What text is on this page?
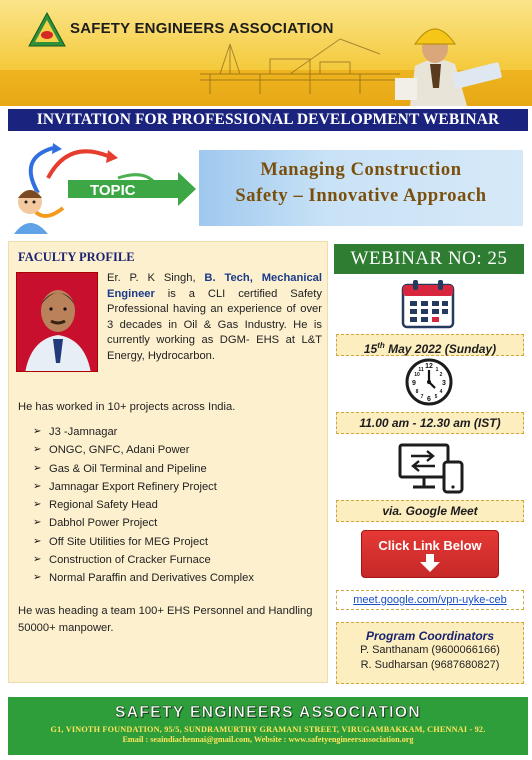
SAFETY ENGINEERS ASSOCIATION
INVITATION FOR PROFESSIONAL DEVELOPMENT WEBINAR
TOPIC
Managing Construction
Safety – Innovative Approach
FACULTY PROFILE
Er. P. K Singh, B. Tech, Mechanical Engineer is a CLI certified Safety Professional having an experience of over 3 decades in Oil & Gas Industry. He is currently working as DGM- EHS at L&T Energy, Hydrocarbon.
He has worked in 10+ projects across India.
➢ J3 -Jamnagar
➢ ONGC, GNFC, Adani Power
➢ Gas & Oil Terminal and Pipeline
➢ Jamnagar Export Refinery Project
➢ Regional Safety Head
➢ Dabhol Power Project
➢ Off Site Utilities for MEG Project
➢ Construction of Cracker Furnace
➢ Normal Paraffin and Derivatives Complex
He was heading a team 100+ EHS Personnel and Handling 50000+ manpower.
WEBINAR NO: 25
15th May 2022 (Sunday)
12
3
6
9
1
2
4
5
7
8
10
11
11.00 am - 12.30 am (IST)
via. Google Meet
Click Link Below
meet.google.com/vpn-uyke-ceb
Program Coordinators
P. Santhanam (9600066166)
R. Sudharsan (9687680827)
SAFETY ENGINEERS ASSOCIATION
G1, VINOTH FOUNDATION, 95/5, SUNDRAMURTHY GRAMANI STREET, VIRUGAMBAKKAM, CHENNAI - 92.
Email : seaindiachennai@gmail.com, Website : www.safetyengineersassociation.org
